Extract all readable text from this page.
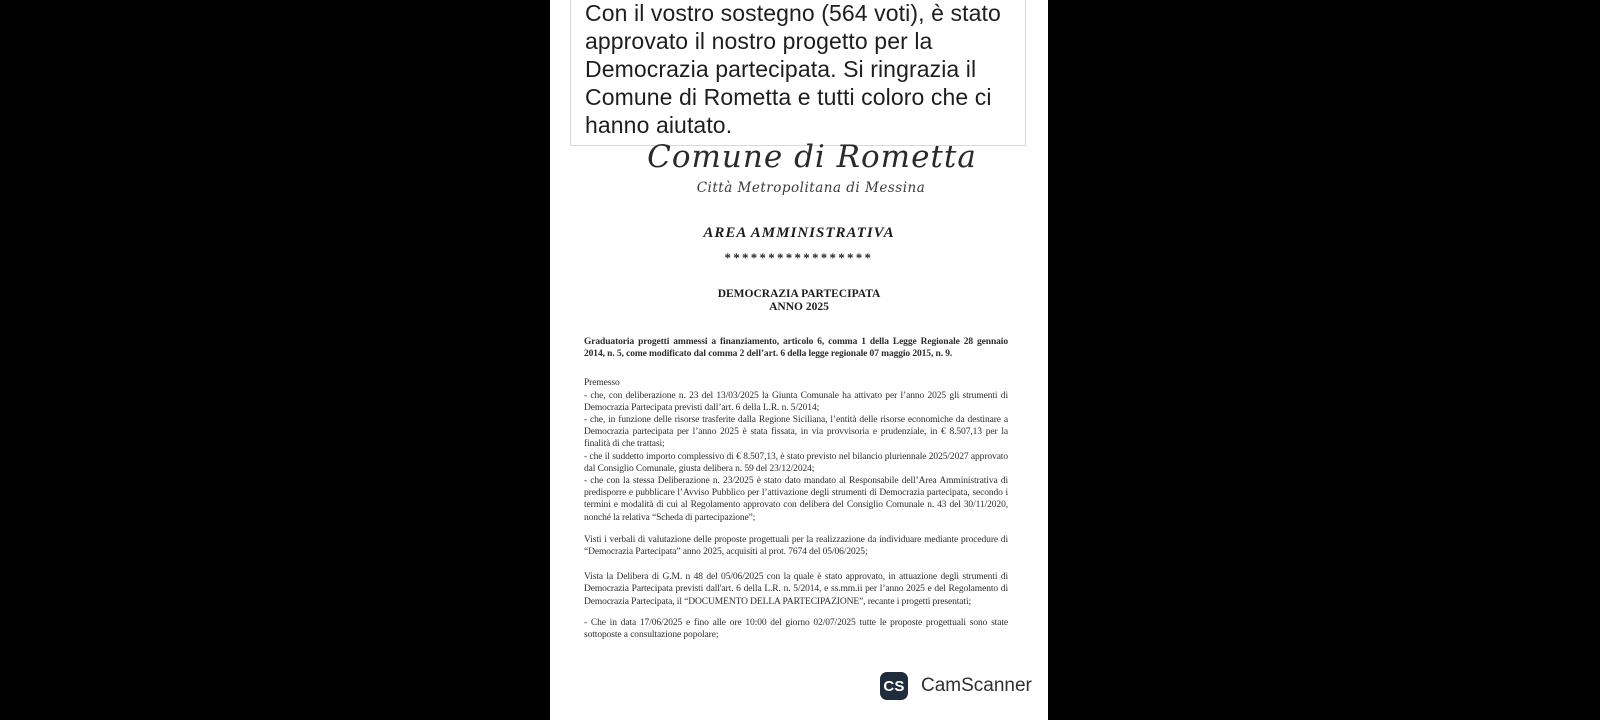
Con il vostro sostegno (564 voti), è stato
approvato il nostro progetto per la
Democrazia partecipata. Si ringrazia il
Comune di Rometta e tutti coloro che ci
hanno aiutato.
Comune di Rometta
Città Metropolitana di Messina
AREA AMMINISTRATIVA
*****************
DEMOCRAZIA PARTECIPATA
ANNO 2025
Graduatoria progetti ammessi a finanziamento, articolo 6, comma 1 della Legge Regionale 28 gennaio 2014, n. 5, come modificato dal comma 2 dell’art. 6 della legge regionale 07 maggio 2015, n. 9.
Premesso
- che, con deliberazione n. 23 del 13/03/2025 la Giunta Comunale ha attivato per l’anno 2025 gli strumenti di Democrazia Partecipata previsti dall’art. 6 della L.R. n. 5/2014;
- che, in funzione delle risorse trasferite dalla Regione Siciliana, l’entità delle risorse economiche da destinare a Democrazia partecipata per l’anno 2025 è stata fissata, in via provvisoria e prudenziale, in € 8.507,13 per la finalità di che trattasi;
- che il suddetto importo complessivo di € 8.507,13, è stato previsto nel bilancio pluriennale 2025/2027 approvato dal Consiglio Comunale, giusta delibera n. 59 del 23/12/2024;
- che con la stessa Deliberazione n. 23/2025 è stato dato mandato al Responsabile dell’Area Amministrativa di predisporre e pubblicare l’Avviso Pubblico per l’attivazione degli strumenti di Democrazia partecipata, secondo i termini e modalità di cui al Regolamento approvato con delibera del Consiglio Comunale n. 43 del 30/11/2020, nonché la relativa “Scheda di partecipazione”;
Visti i verbali di valutazione delle proposte progettuali per la realizzazione da individuare mediante procedure di “Democrazia Partecipata” anno 2025, acquisiti al prot. 7674 del 05/06/2025;
Vista la Delibera di G.M. n 48 del 05/06/2025 con la quale è stato approvato, in attuazione degli strumenti di Democrazia Partecipata previsti dall'art. 6 della L.R. n. 5/2014, e ss.mm.ii per l’anno 2025 e del Regolamento di Democrazia Partecipata, il “DOCUMENTO DELLA PARTECIPAZIONE”, recante i progetti presentati;
- Che in data 17/06/2025 e fino alle ore 10:00 del giorno 02/07/2025 tutte le proposte progettuali sono state sottoposte a consultazione popolare;
CS CamScanner
